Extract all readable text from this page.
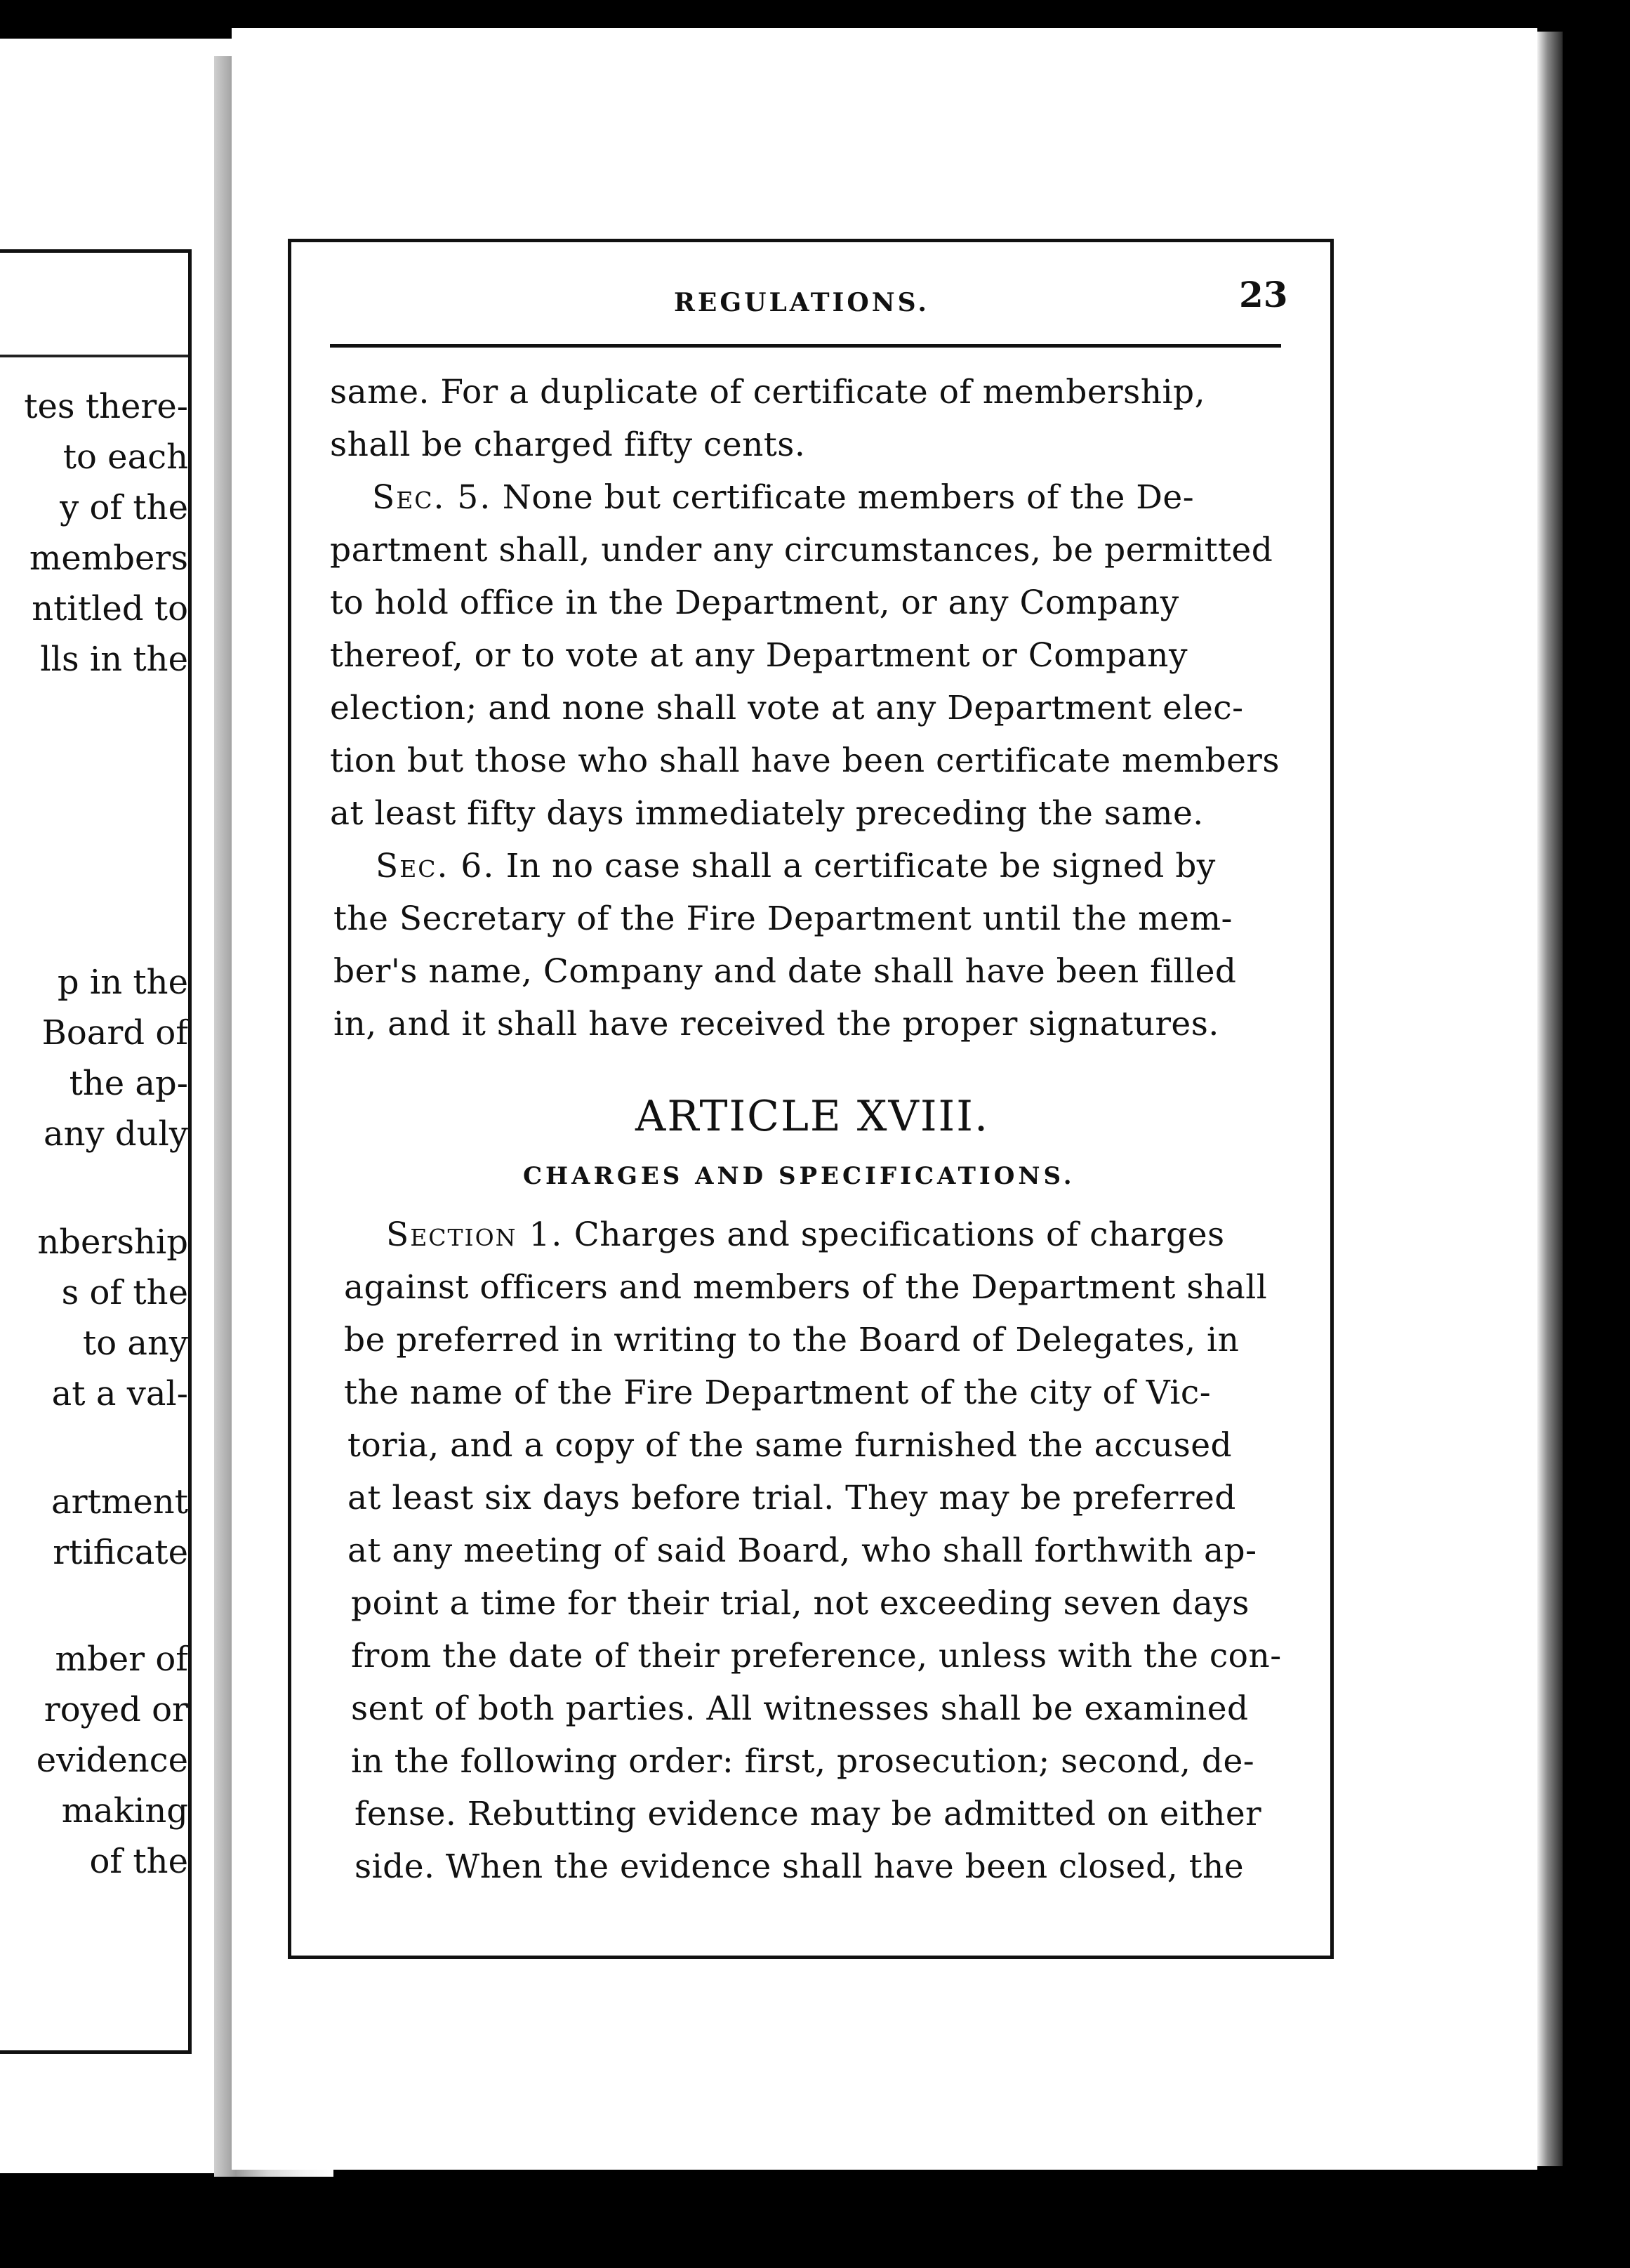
tes there-

to each

y of the

members

ntitled to

lls in the

p in the

Board of

the ap-

any duly

nbership

s of the

to any

at a val-

artment

rtificate

mber of

royed or

evidence

making

of the

REGULATIONS.	23

same. For a duplicate of certificate of membership,

shall be charged fifty cents.

Sec. 5. None but certificate members of the De-

partment shall, under any circumstances, be permitted

to hold office in the Department, or any Company

thereof, or to vote at any Department or Company

election; and none shall vote at any Department elec-

tion but those who shall have been certificate members

at least fifty days immediately preceding the same.

Sec. 6. In no case shall a certificate be signed by

the Secretary of the Fire Department until the mem-

ber's name, Company and date shall have been filled

in, and it shall have received the proper signatures.

ARTICLE XVIII.
CHARGES AND SPECIFICATIONS.

Section 1. Charges and specifications of charges

against officers and members of the Department shall

be preferred in writing to the Board of Delegates, in

the name of the Fire Department of the city of Vic-

toria, and a copy of the same furnished the accused

at least six days before trial. They may be preferred

at any meeting of said Board, who shall forthwith ap-

point a time for their trial, not exceeding seven days

from the date of their preference, unless with the con-

sent of both parties. All witnesses shall be examined

in the following order: first, prosecution; second, de-

fense. Rebutting evidence may be admitted on either

side. When the evidence shall have been closed, the
